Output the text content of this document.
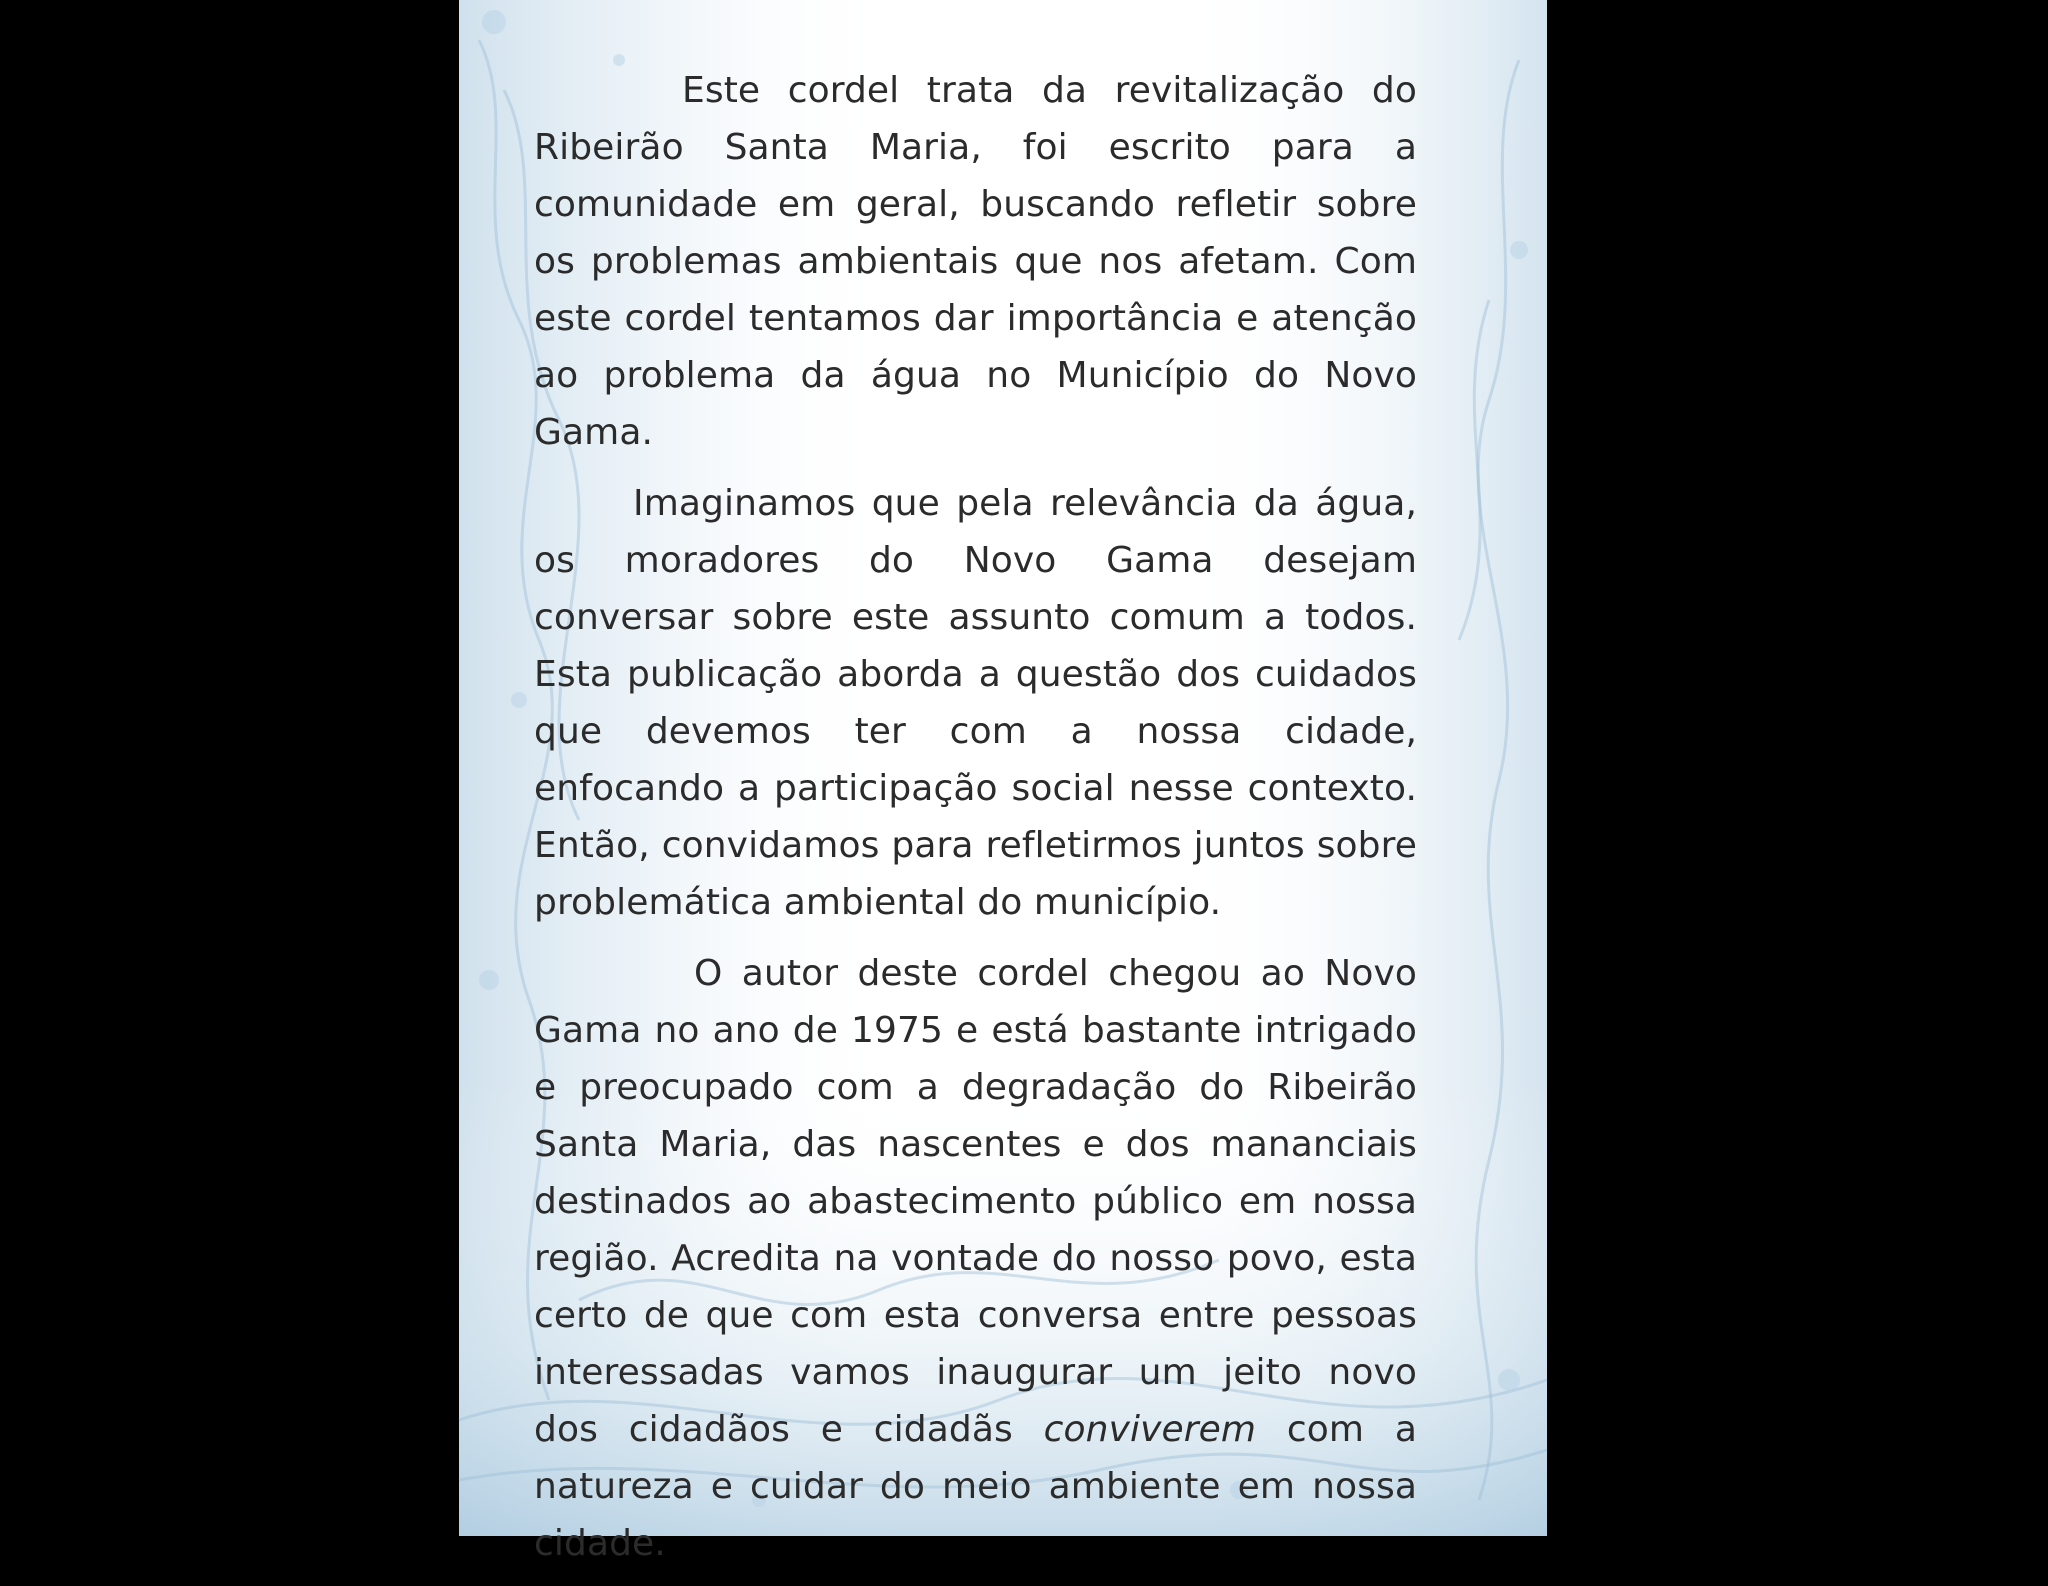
Este cordel trata da revitalização do Ribeirão Santa Maria, foi escrito para a comunidade em geral, buscando refletir sobre os problemas ambientais que nos afetam. Com este cordel tentamos dar importância e atenção ao problema da água no Município do Novo Gama.

Imaginamos que pela relevância da água, os moradores do Novo Gama desejam conversar sobre este assunto comum a todos. Esta publicação aborda a questão dos cuidados que devemos ter com a nossa cidade, enfocando a participação social nesse contexto. Então, convidamos para refletirmos juntos sobre problemática ambiental do município.

O autor deste cordel chegou ao Novo Gama no ano de 1975 e está bastante intrigado e preocupado com a degradação do Ribeirão Santa Maria, das nascentes e dos mananciais destinados ao abastecimento público em nossa região. Acredita na vontade do nosso povo, esta certo de que com esta conversa entre pessoas interessadas vamos inaugurar um jeito novo dos cidadãos e cidadãs conviverem com a natureza e cuidar do meio ambiente em nossa cidade.
